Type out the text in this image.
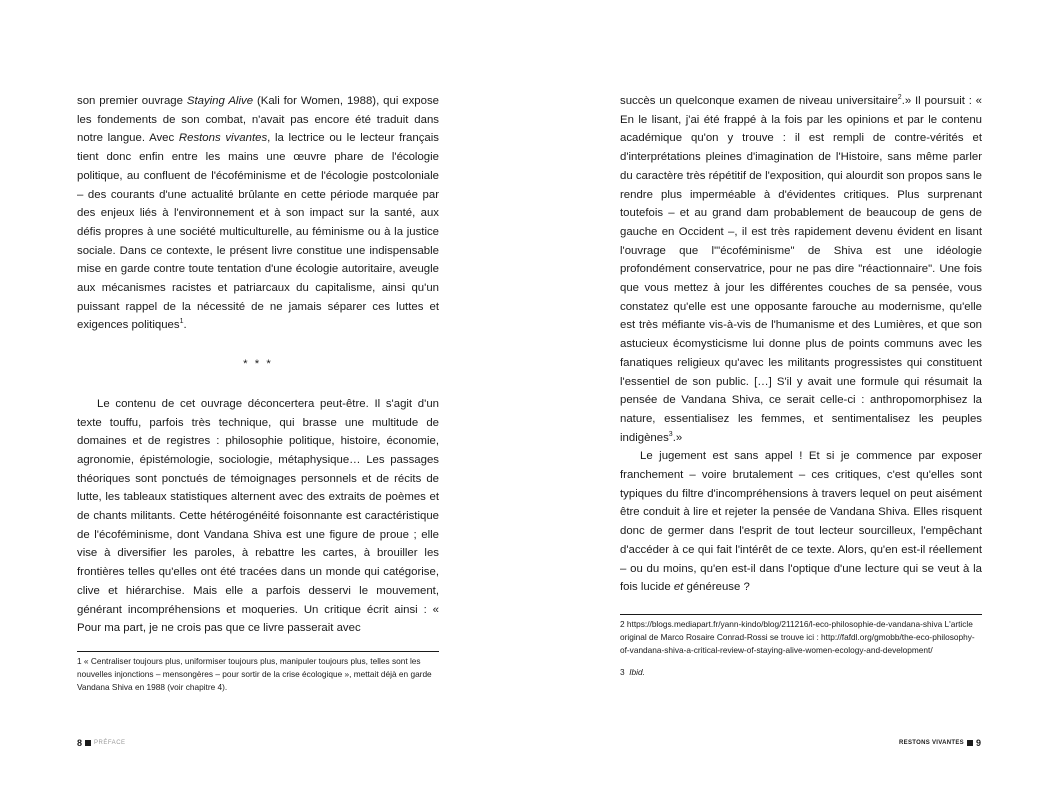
son premier ouvrage Staying Alive (Kali for Women, 1988), qui expose les fondements de son combat, n'avait pas encore été traduit dans notre langue. Avec Restons vivantes, la lectrice ou le lecteur français tient donc enfin entre les mains une œuvre phare de l'écologie politique, au confluent de l'écoféminisme et de l'écologie postcoloniale – des courants d'une actualité brûlante en cette période marquée par des enjeux liés à l'environnement et à son impact sur la santé, aux défis propres à une société multiculturelle, au féminisme ou à la justice sociale. Dans ce contexte, le présent livre constitue une indispensable mise en garde contre toute tentation d'une écologie autoritaire, aveugle aux mécanismes racistes et patriarcaux du capitalisme, ainsi qu'un puissant rappel de la nécessité de ne jamais séparer ces luttes et exigences politiques$^1$.

* * *

Le contenu de cet ouvrage déconcertera peut-être. Il s'agit d'un texte touffu, parfois très technique, qui brasse une multitude de domaines et de registres : philosophie politique, histoire, économie, agronomie, épistémologie, sociologie, métaphysique… Les passages théoriques sont ponctués de témoignages personnels et de récits de lutte, les tableaux statistiques alternent avec des extraits de poèmes et de chants militants. Cette hétérogénéité foisonnante est caractéristique de l'écoféminisme, dont Vandana Shiva est une figure de proue ; elle vise à diversifier les paroles, à rebattre les cartes, à brouiller les frontières telles qu'elles ont été tracées dans un monde qui catégorise, clive et hiérarchise. Mais elle a parfois desservi le mouvement, générant incompréhensions et moqueries. Un critique écrit ainsi : « Pour ma part, je ne crois pas que ce livre passerait avec

1 « Centraliser toujours plus, uniformiser toujours plus, manipuler toujours plus, telles sont les nouvelles injonctions – mensongères – pour sortir de la crise écologique », mettait déjà en garde Vandana Shiva en 1988 (voir chapitre 4).

8 PRÉFACE

succès un quelconque examen de niveau universitaire$^2$.» Il poursuit : « En le lisant, j'ai été frappé à la fois par les opinions et par le contenu académique qu'on y trouve : il est rempli de contre-vérités et d'interprétations pleines d'imagination de l'Histoire, sans même parler du caractère très répétitif de l'exposition, qui alourdit son propos sans le rendre plus imperméable à d'évidentes critiques. Plus surprenant toutefois – et au grand dam probablement de beaucoup de gens de gauche en Occident –, il est très rapidement devenu évident en lisant l'ouvrage que l'"écoféminisme" de Shiva est une idéologie profondément conservatrice, pour ne pas dire "réactionnaire". Une fois que vous mettez à jour les différentes couches de sa pensée, vous constatez qu'elle est une opposante farouche au modernisme, qu'elle est très méfiante vis-à-vis de l'humanisme et des Lumières, et que son astucieux écomysticisme lui donne plus de points communs avec les fanatiques religieux qu'avec les militants progressistes qui constituent l'essentiel de son public. […] S'il y avait une formule qui résumait la pensée de Vandana Shiva, ce serait celle-ci : anthropomorphisez la nature, essentialisez les femmes, et sentimentalisez les peuples indigènes$^3$.»

Le jugement est sans appel ! Et si je commence par exposer franchement – voire brutalement – ces critiques, c'est qu'elles sont typiques du filtre d'incompréhensions à travers lequel on peut aisément être conduit à lire et rejeter la pensée de Vandana Shiva. Elles risquent donc de germer dans l'esprit de tout lecteur sourcilleux, l'empêchant d'accéder à ce qui fait l'intérêt de ce texte. Alors, qu'en est-il réellement – ou du moins, qu'en est-il dans l'optique d'une lecture qui se veut à la fois lucide et généreuse ?

2 https://blogs.mediapart.fr/yann-kindo/blog/211216/l-eco-philosophie-de-vandana-shiva L'article original de Marco Rosaire Conrad-Rossi se trouve ici : http://fafdl.org/gmobb/the-eco-philosophy-of-vandana-shiva-a-critical-review-of-staying-alive-women-ecology-and-development/

3 Ibid.

RESTONS VIVANTES 9
